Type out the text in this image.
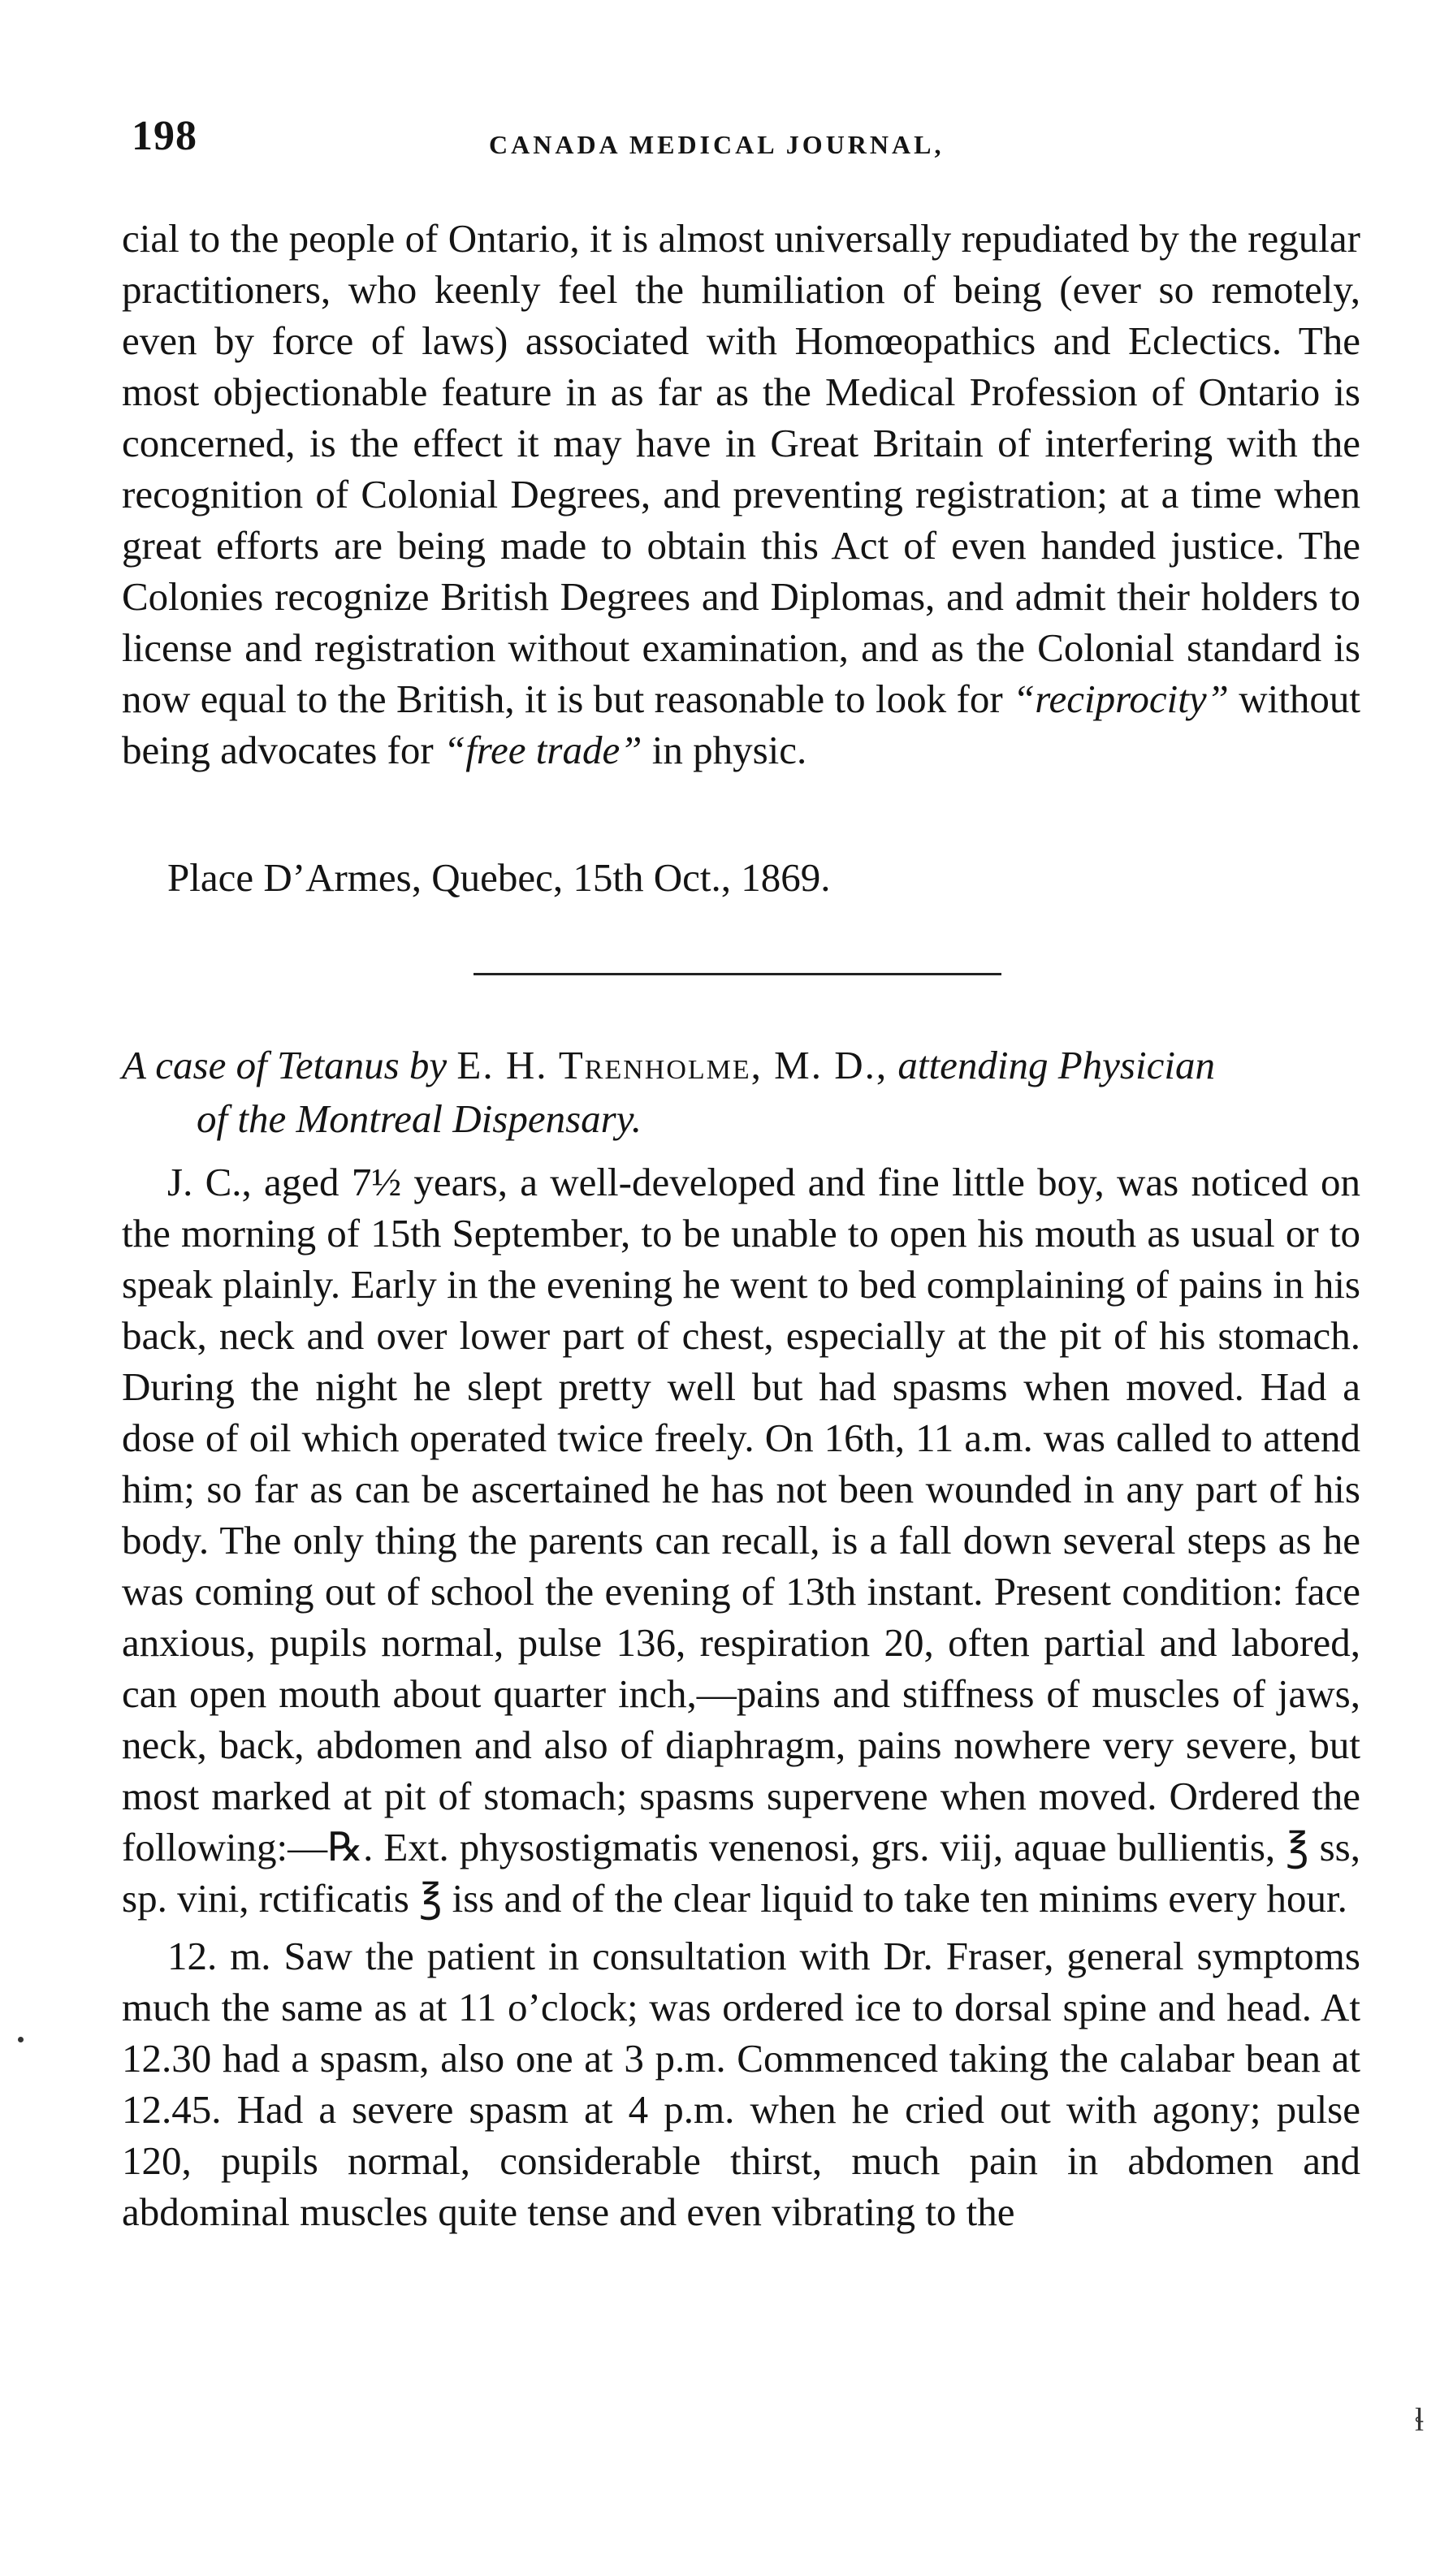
198	CANADA MEDICAL JOURNAL,

cial to the people of Ontario, it is almost universally repudiated by the regular practitioners, who keenly feel the humiliation of being (ever so remotely, even by force of laws) associated with Homœopathics and Eclectics. The most objectionable feature in as far as the Medical Profession of Ontario is concerned, is the effect it may have in Great Britain of interfering with the recognition of Colonial Degrees, and preventing registration; at a time when great efforts are being made to obtain this Act of even handed justice. The Colonies recognize British Degrees and Diplomas, and admit their holders to license and registration without examination, and as the Colonial standard is now equal to the British, it is but reasonable to look for “reciprocity” without being advocates for “free trade” in physic.

Place D’Armes, Quebec, 15th Oct., 1869.
A case of Tetanus by E. H. Trenholme, M. D., attending Physician
of the Montreal Dispensary.

J. C., aged 7½ years, a well-developed and fine little boy, was noticed on the morning of 15th September, to be unable to open his mouth as usual or to speak plainly. Early in the evening he went to bed complaining of pains in his back, neck and over lower part of chest, especially at the pit of his stomach. During the night he slept pretty well but had spasms when moved. Had a dose of oil which operated twice freely. On 16th, 11 a.m. was called to attend him; so far as can be ascertained he has not been wounded in any part of his body. The only thing the parents can recall, is a fall down several steps as he was coming out of school the evening of 13th instant. Present condition: face anxious, pupils normal, pulse 136, respiration 20, often partial and labored, can open mouth about quarter inch,—pains and stiffness of muscles of jaws, neck, back, abdomen and also of diaphragm, pains nowhere very severe, but most marked at pit of stomach; spasms supervene when moved. Ordered the following:—℞. Ext. physostigmatis venenosi, grs. viij, aquae bullientis, ℥ ss, sp. vini, rctificatis ℥ iss and of the clear liquid to take ten minims every hour.

12. m. Saw the patient in consultation with Dr. Fraser, general symptoms much the same as at 11 o’clock; was ordered ice to dorsal spine and head. At 12.30 had a spasm, also one at 3 p.m. Commenced taking the calabar bean at 12.45. Had a severe spasm at 4 p.m. when he cried out with agony; pulse 120, pupils normal, considerable thirst, much pain in abdomen and abdominal muscles quite tense and even vibrating to the

ɬ
